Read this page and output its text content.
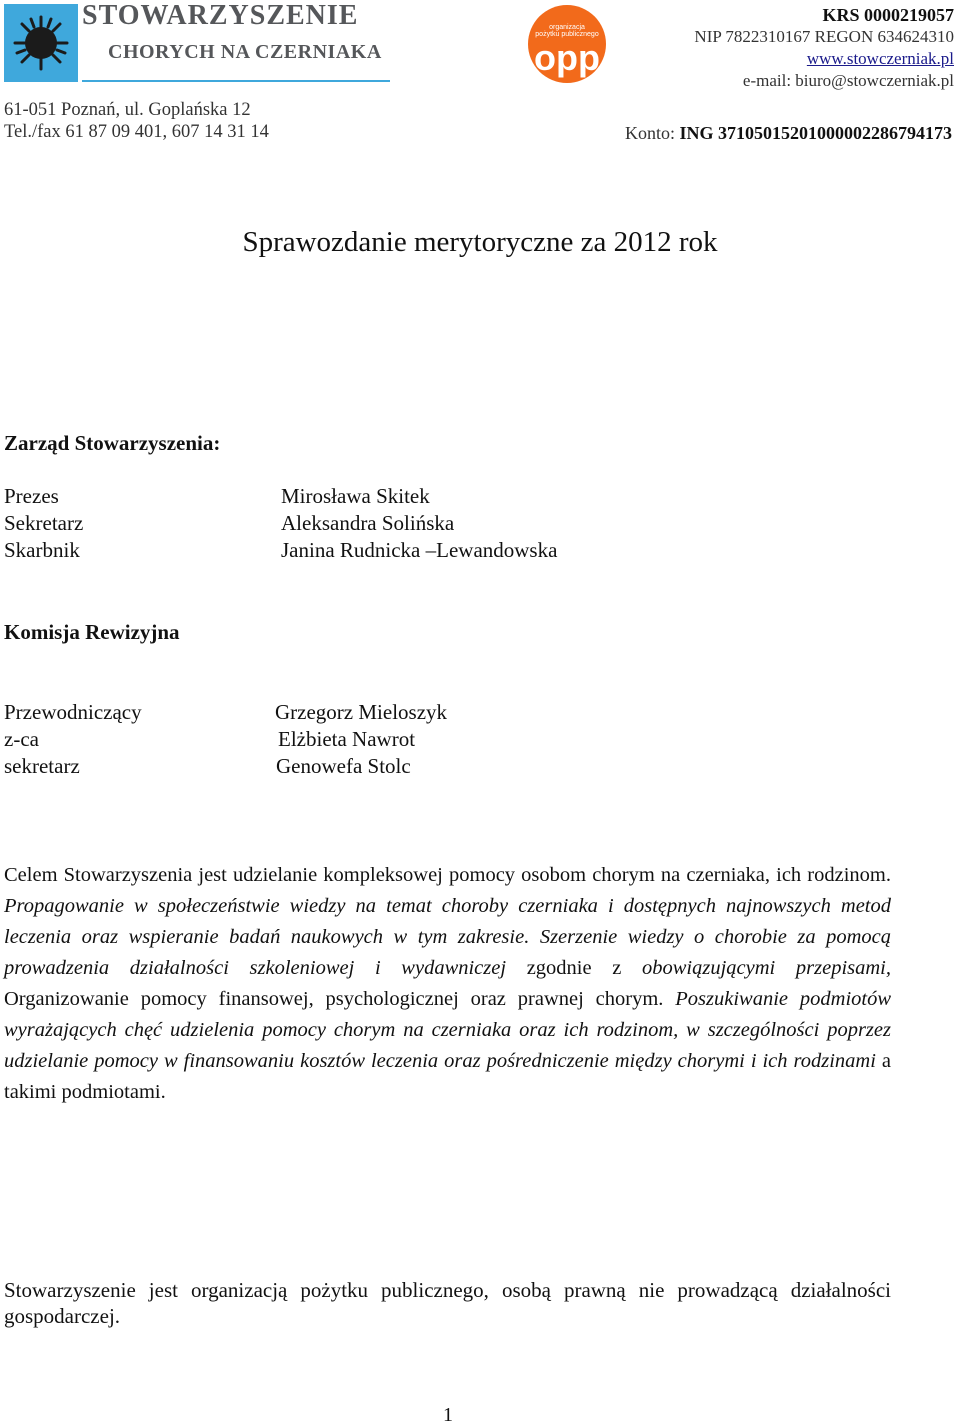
STOWARZYSZENIE
CHORYCH NA CZERNIAKA
61-051 Poznań, ul. Goplańska 12
Tel./fax 61 87 09 401, 607 14 31 14
organizacja pożytku publicznego
opp
KRS 0000219057
NIP 7822310167 REGON 634624310
www.stowczerniak.pl
e-mail: biuro@stowczerniak.pl
Konto: ING 37105015201000002286794173
Sprawozdanie merytoryczne za 2012 rok
Zarząd Stowarzyszenia:
Prezes	Mirosława Skitek
Sekretarz	Aleksandra Solińska
Skarbnik	Janina Rudnicka –Lewandowska
Komisja Rewizyjna
Przewodniczący	Grzegorz Mieloszyk
z-ca	Elżbieta Nawrot
sekretarz	Genowefa Stolc

Celem Stowarzyszenia jest udzielanie kompleksowej pomocy osobom chorym na czerniaka, ich rodzinom. Propagowanie w społeczeństwie wiedzy na temat choroby czerniaka i dostępnych najnowszych metod leczenia oraz wspieranie badań naukowych w tym zakresie. Szerzenie wiedzy o chorobie za pomocą prowadzenia działalności szkoleniowej i wydawniczej zgodnie z obowiązującymi przepisami, Organizowanie pomocy finansowej, psychologicznej oraz prawnej chorym. Poszukiwanie podmiotów wyrażających chęć udzielenia pomocy chorym na czerniaka oraz ich rodzinom, w szczególności poprzez udzielanie pomocy w finansowaniu kosztów leczenia oraz pośredniczenie między chorymi i ich rodzinami a takimi podmiotami.

Stowarzyszenie jest organizacją pożytku publicznego, osobą prawną nie prowadzącą działalności gospodarczej.

1
